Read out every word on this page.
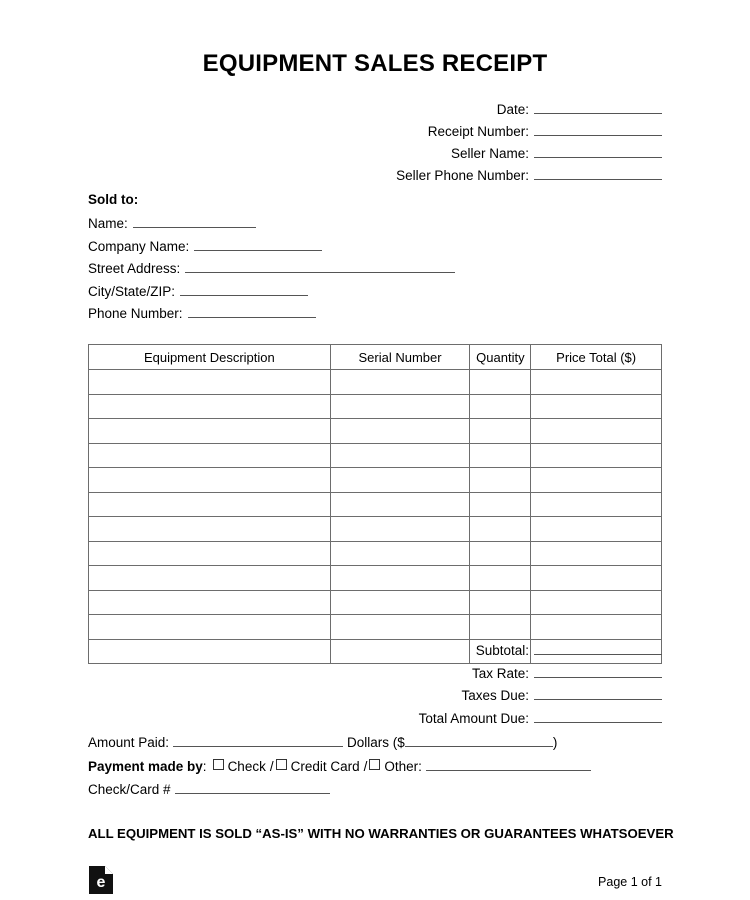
EQUIPMENT SALES RECEIPT
Date:
Receipt Number:
Seller Name:
Seller Phone Number:
Sold to:
Name:
Company Name:
Street Address:
City/State/ZIP:
Phone Number:
Equipment Description	Serial Number	Quantity	Price Total ($)

Subtotal:
Tax Rate:
Taxes Due:
Total Amount Due:
Amount Paid:	Dollars ($	)
Payment made by : Check / Credit Card / Other:
Check/Card #
ALL EQUIPMENT IS SOLD “AS-IS” WITH NO WARRANTIES OR GUARANTEES WHATSOEVER
e	Page 1 of 1
